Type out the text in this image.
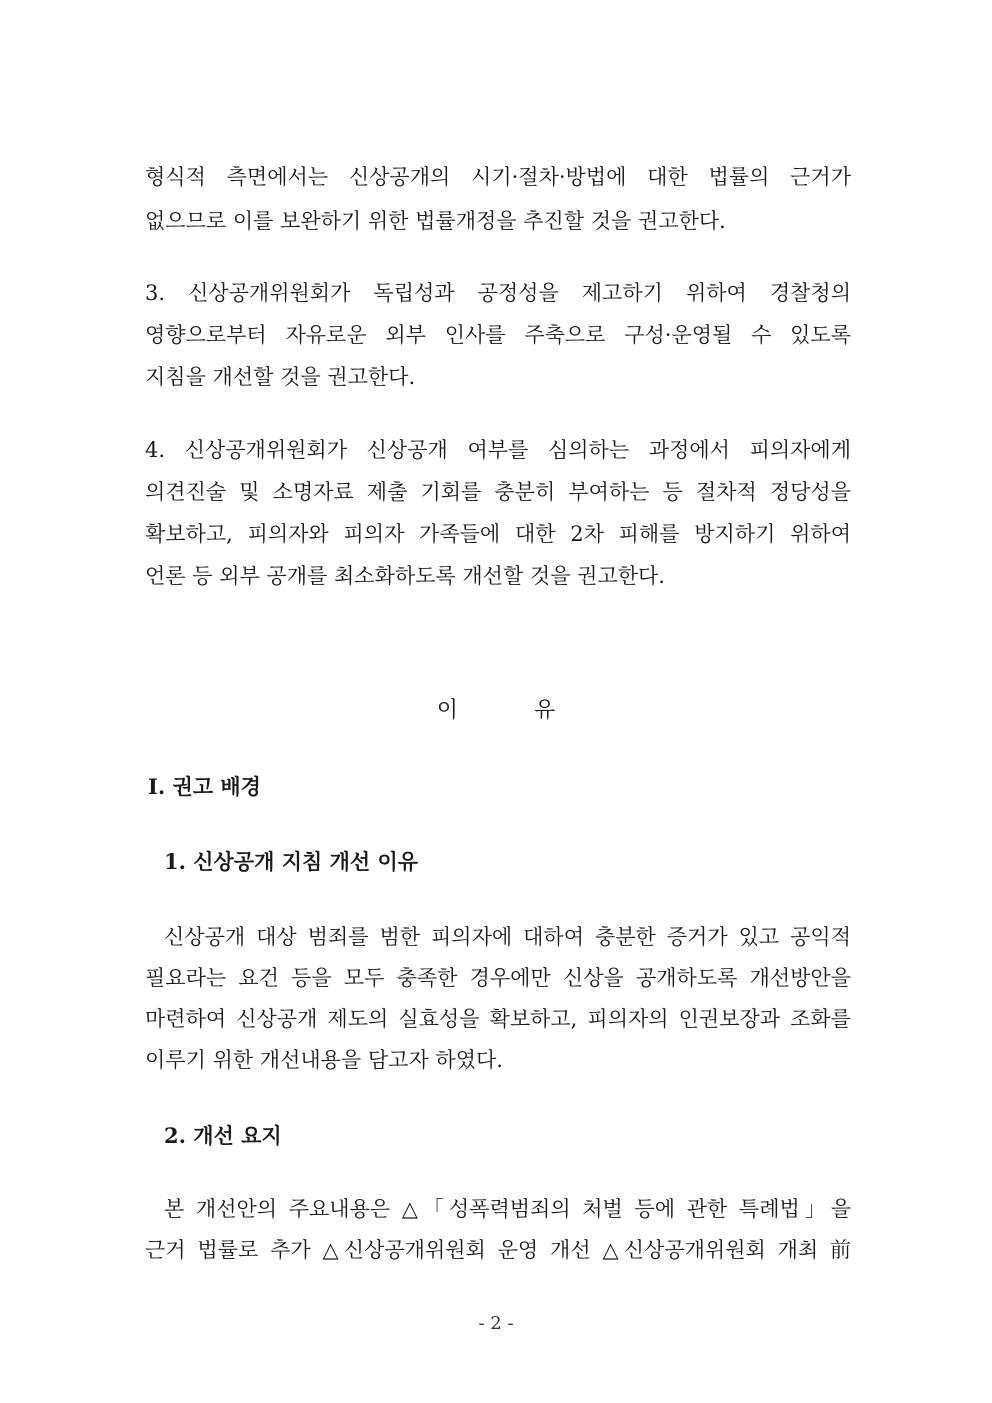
형식적 측면에서는 신상공개의 시기·절차·방법에 대한 법률의 근거가
없으므로 이를 보완하기 위한 법률개정을 추진할 것을 권고한다.
3. 신상공개위원회가 독립성과 공정성을 제고하기 위하여 경찰청의
영향으로부터 자유로운 외부 인사를 주축으로 구성·운영될 수 있도록
지침을 개선할 것을 권고한다.
4. 신상공개위원회가 신상공개 여부를 심의하는 과정에서 피의자에게
의견진술 및 소명자료 제출 기회를 충분히 부여하는 등 절차적 정당성을
확보하고, 피의자와 피의자 가족들에 대한 2차 피해를 방지하기 위하여
언론 등 외부 공개를 최소화하도록 개선할 것을 권고한다.
이	유
Ⅰ. 권고 배경
1. 신상공개 지침 개선 이유
신상공개 대상 범죄를 범한 피의자에 대하여 충분한 증거가 있고 공익적
필요라는 요건 등을 모두 충족한 경우에만 신상을 공개하도록 개선방안을
마련하여 신상공개 제도의 실효성을 확보하고, 피의자의 인권보장과 조화를
이루기 위한 개선내용을 담고자 하였다.
2. 개선 요지
본 개선안의 주요내용은 △「성폭력범죄의 처벌 등에 관한 특례법」을
근거 법률로 추가 △신상공개위원회 운영 개선 △신상공개위원회 개최 前
- 2 -
